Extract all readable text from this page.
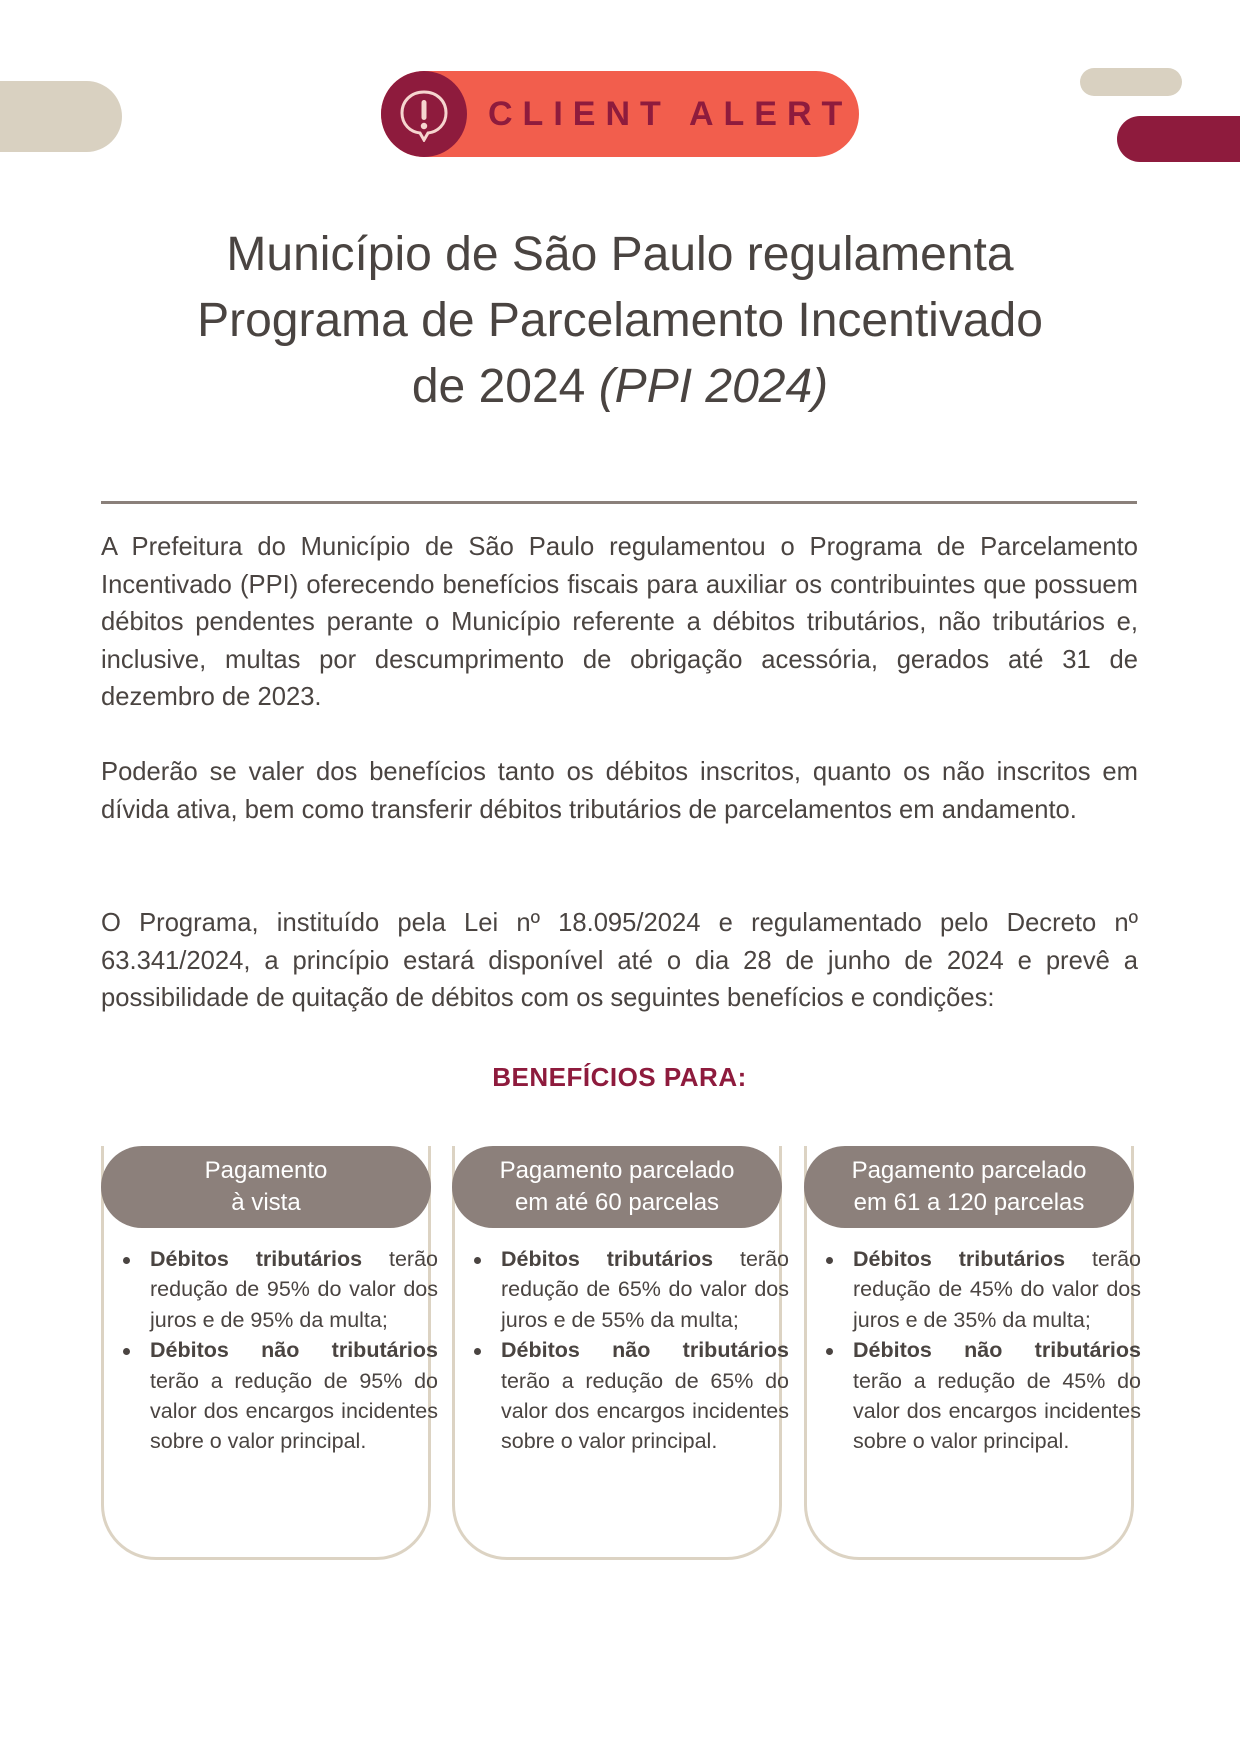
CLIENT ALERT
Município de São Paulo regulamenta
Programa de Parcelamento Incentivado
de 2024 (PPI 2024)

A Prefeitura do Município de São Paulo regulamentou o Programa de Parcelamento Incentivado (PPI) oferecendo benefícios fiscais para auxiliar os contribuintes que possuem débitos pendentes perante o Município referente a débitos tributários, não tributários e, inclusive, multas por descumprimento de obrigação acessória, gerados até 31 de dezembro de 2023.

Poderão se valer dos benefícios tanto os débitos inscritos, quanto os não inscritos em dívida ativa, bem como transferir débitos tributários de parcelamentos em andamento.

O Programa, instituído pela Lei nº 18.095/2024 e regulamentado pelo Decreto nº 63.341/2024, a princípio estará disponível até o dia 28 de junho de 2024 e prevê a possibilidade de quitação de débitos com os seguintes benefícios e condições:

BENEFÍCIOS PARA:
Pagamento
à vista
Débitos tributários terão redução de 95% do valor dos juros e de 95% da multa;
Débitos não tributários terão a redução de 95% do valor dos encargos incidentes sobre o valor principal.
Pagamento parcelado
em até 60 parcelas
Débitos tributários terão redução de 65% do valor dos juros e de 55% da multa;
Débitos não tributários terão a redução de 65% do valor dos encargos incidentes sobre o valor principal.
Pagamento parcelado
em 61 a 120 parcelas
Débitos tributários terão redução de 45% do valor dos juros e de 35% da multa;
Débitos não tributários terão a redução de 45% do valor dos encargos incidentes sobre o valor principal.
